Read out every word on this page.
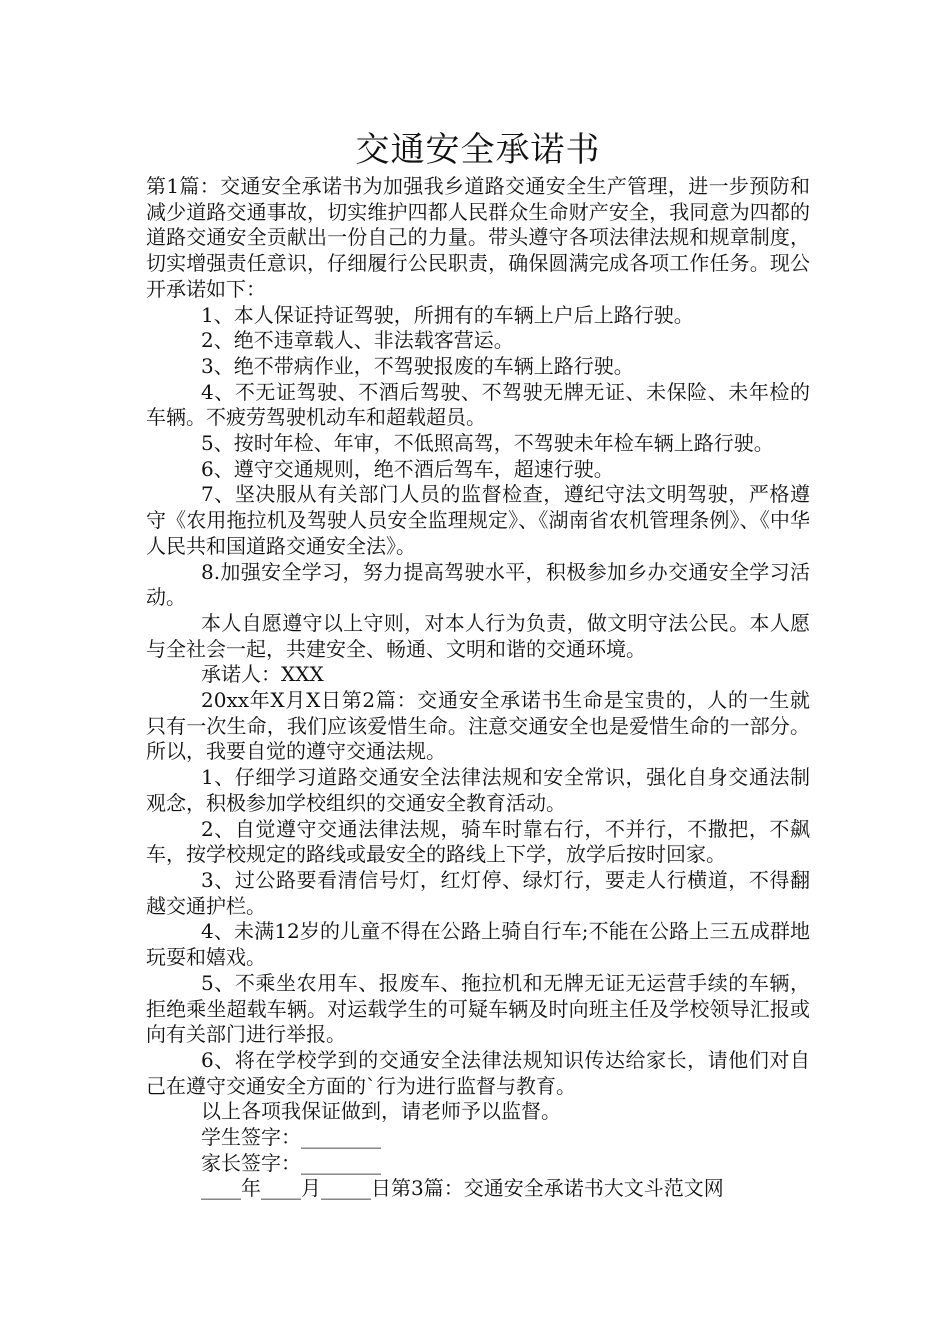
交通安全承诺书

第1篇：交通安全承诺书为加强我乡道路交通安全生产管理，进一步预防和减少道路交通事故，切实维护四都人民群众生命财产安全，我同意为四都的道路交通安全贡献出一份自己的力量。带头遵守各项法律法规和规章制度，切实增强责任意识，仔细履行公民职责，确保圆满完成各项工作任务。现公开承诺如下：

1、本人保证持证驾驶，所拥有的车辆上户后上路行驶。

2、绝不违章载人、非法载客营运。

3、绝不带病作业，不驾驶报废的车辆上路行驶。

4、不无证驾驶、不酒后驾驶、不驾驶无牌无证、未保险、未年检的车辆。不疲劳驾驶机动车和超载超员。

5、按时年检、年审，不低照高驾，不驾驶未年检车辆上路行驶。

6、遵守交通规则，绝不酒后驾车，超速行驶。

7、坚决服从有关部门人员的监督检查，遵纪守法文明驾驶，严格遵守《农用拖拉机及驾驶人员安全监理规定》、《湖南省农机管理条例》、《中华人民共和国道路交通安全法》。

8.加强安全学习，努力提高驾驶水平，积极参加乡办交通安全学习活动。

本人自愿遵守以上守则，对本人行为负责，做文明守法公民。本人愿与全社会一起，共建安全、畅通、文明和谐的交通环境。

承诺人：XXX

20xx年X月X日第2篇：交通安全承诺书生命是宝贵的，人的一生就只有一次生命，我们应该爱惜生命。注意交通安全也是爱惜生命的一部分。所以，我要自觉的遵守交通法规。

1、仔细学习道路交通安全法律法规和安全常识，强化自身交通法制观念，积极参加学校组织的交通安全教育活动。

2、自觉遵守交通法律法规，骑车时靠右行，不并行，不撒把，不飙车，按学校规定的路线或最安全的路线上下学，放学后按时回家。

3、过公路要看清信号灯，红灯停、绿灯行，要走人行横道，不得翻越交通护栏。

4、未满12岁的儿童不得在公路上骑自行车;不能在公路上三五成群地玩耍和嬉戏。

5、不乘坐农用车、报废车、拖拉机和无牌无证无运营手续的车辆，拒绝乘坐超载车辆。对运载学生的可疑车辆及时向班主任及学校领导汇报或向有关部门进行举报。

6、将在学校学到的交通安全法律法规知识传达给家长，请他们对自己在遵守交通安全方面的`行为进行监督与教育。

以上各项我保证做到，请老师予以监督。

学生签字：________

家长签字：________

____年____月_____日第3篇：交通安全承诺书大文斗范文网
